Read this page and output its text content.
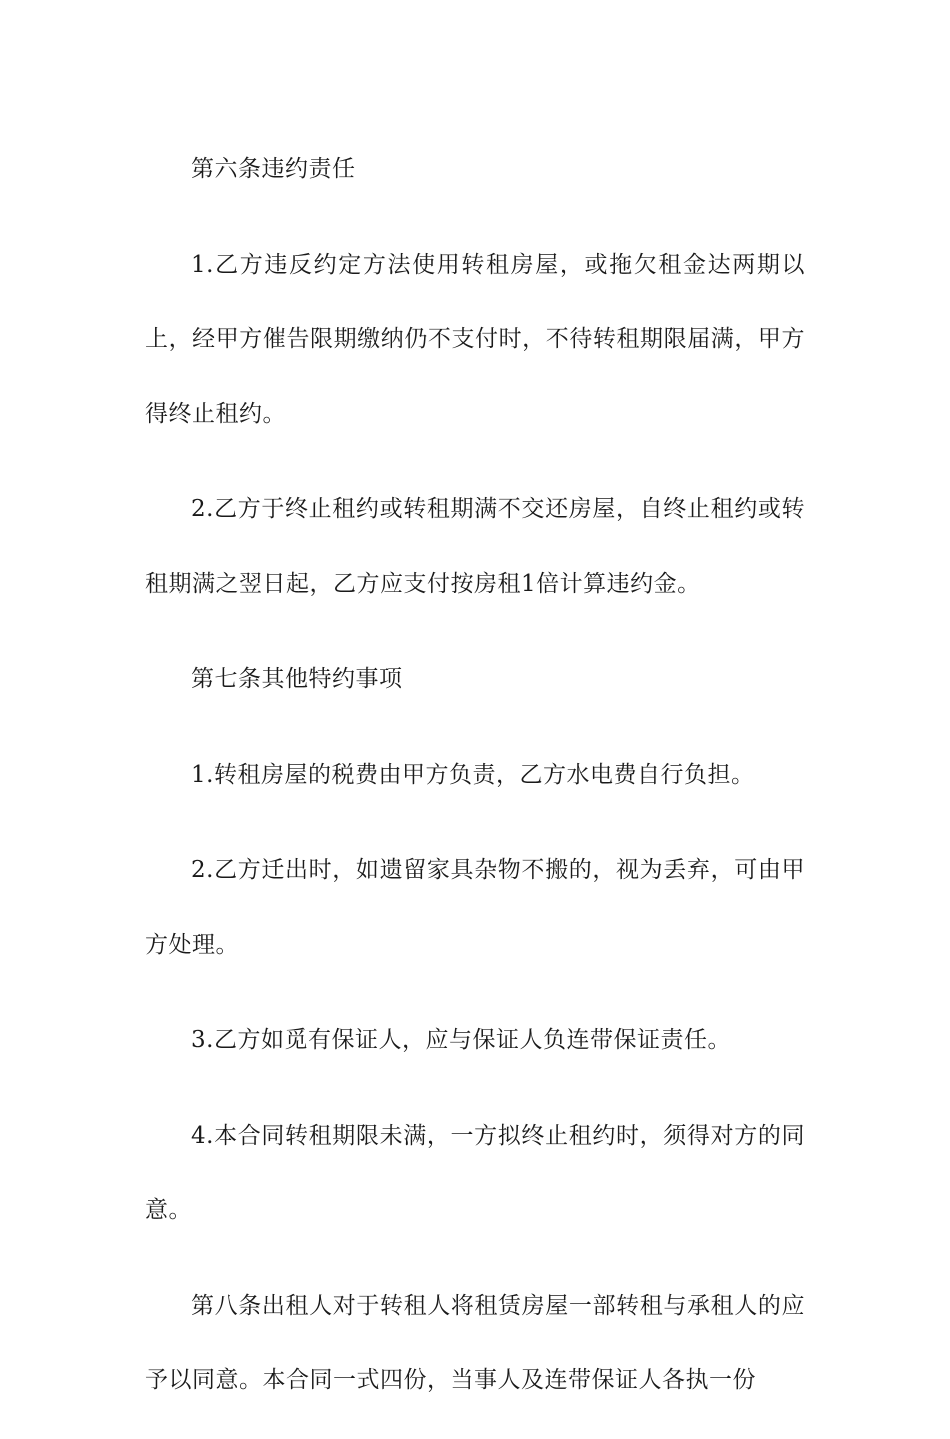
第六条违约责任

1.乙方违反约定方法使用转租房屋，或拖欠租金达两期以上，经甲方催告限期缴纳仍不支付时，不待转租期限届满，甲方得终止租约。

2.乙方于终止租约或转租期满不交还房屋，自终止租约或转租期满之翌日起，乙方应支付按房租1倍计算违约金。

第七条其他特约事项

1.转租房屋的税费由甲方负责，乙方水电费自行负担。

2.乙方迁出时，如遗留家具杂物不搬的，视为丢弃，可由甲方处理。

3.乙方如觅有保证人，应与保证人负连带保证责任。

4.本合同转租期限未满，一方拟终止租约时，须得对方的同意。

第八条出租人对于转租人将租赁房屋一部转租与承租人的应予以同意。本合同一式四份，当事人及连带保证人各执一份
